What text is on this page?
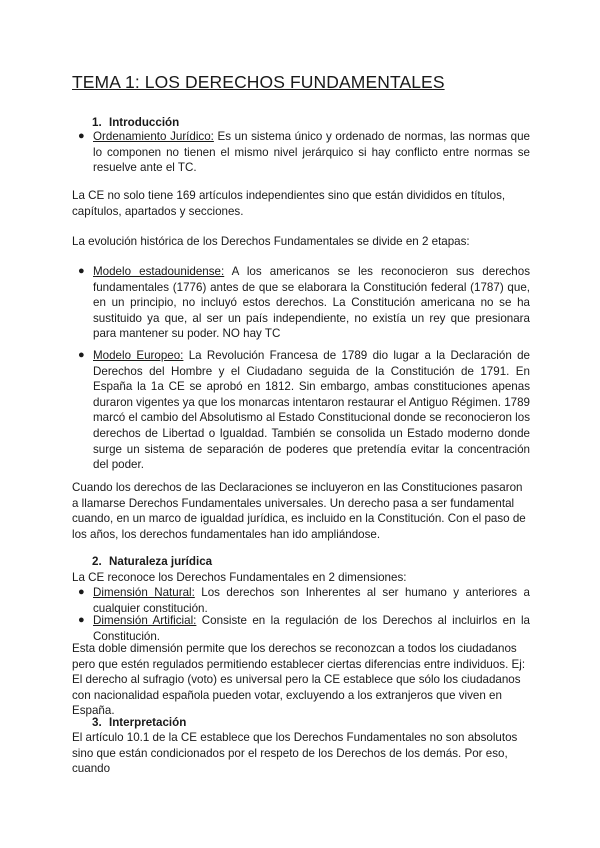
TEMA 1: LOS DERECHOS FUNDAMENTALES
1. Introducción
● Ordenamiento Jurídico: Es un sistema único y ordenado de normas, las normas que lo componen no tienen el mismo nivel jerárquico si hay conflicto entre normas se resuelve ante el TC.

La CE no solo tiene 169 artículos independientes sino que están divididos en títulos, capítulos, apartados y secciones.

La evolución histórica de los Derechos Fundamentales se divide en 2 etapas:

● Modelo estadounidense: A los americanos se les reconocieron sus derechos fundamentales (1776) antes de que se elaborara la Constitución federal (1787) que, en un principio, no incluyó estos derechos. La Constitución americana no se ha sustituido ya que, al ser un país independiente, no existía un rey que presionara para mantener su poder. NO hay TC
● Modelo Europeo: La Revolución Francesa de 1789 dio lugar a la Declaración de Derechos del Hombre y el Ciudadano seguida de la Constitución de 1791. En España la 1a CE se aprobó en 1812. Sin embargo, ambas constituciones apenas duraron vigentes ya que los monarcas intentaron restaurar el Antiguo Régimen. 1789 marcó el cambio del Absolutismo al Estado Constitucional donde se reconocieron los derechos de Libertad o Igualdad. También se consolida un Estado moderno donde surge un sistema de separación de poderes que pretendía evitar la concentración del poder.

Cuando los derechos de las Declaraciones se incluyeron en las Constituciones pasaron a llamarse Derechos Fundamentales universales. Un derecho pasa a ser fundamental cuando, en un marco de igualdad jurídica, es incluido en la Constitución. Con el paso de los años, los derechos fundamentales han ido ampliándose.

2. Naturaleza jurídica

La CE reconoce los Derechos Fundamentales en 2 dimensiones:

● Dimensión Natural: Los derechos son Inherentes al ser humano y anteriores a cualquier constitución.
● Dimensión Artificial: Consiste en la regulación de los Derechos al incluirlos en la Constitución.

Esta doble dimensión permite que los derechos se reconozcan a todos los ciudadanos pero que estén regulados permitiendo establecer ciertas diferencias entre individuos. Ej: El derecho al sufragio (voto) es universal pero la CE establece que sólo los ciudadanos con nacionalidad española pueden votar, excluyendo a los extranjeros que viven en España.

3. Interpretación

El artículo 10.1 de la CE establece que los Derechos Fundamentales no son absolutos sino que están condicionados por el respeto de los Derechos de los demás. Por eso, cuando
